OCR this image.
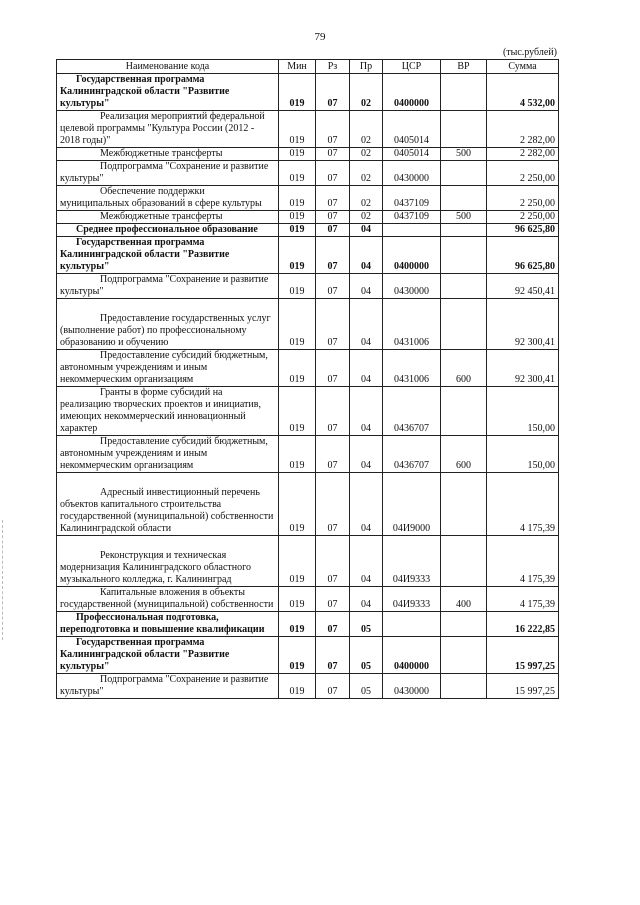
79
(тыс.рублей)
Наименование кода	Мин	Рз	Пр	ЦСР	ВР	Сумма
Государственная программа Калининградской области "Развитие культуры"	019	07	02	0400000		4 532,00
Реализация мероприятий федеральной целевой программы "Культура России (2012 - 2018 годы)"	019	07	02	0405014		2 282,00
Межбюджетные трансферты	019	07	02	0405014	500	2 282,00
Подпрограмма "Сохранение и развитие культуры"	019	07	02	0430000		2 250,00
Обеспечение поддержки муниципальных образований в сфере культуры	019	07	02	0437109		2 250,00
Межбюджетные трансферты	019	07	02	0437109	500	2 250,00
Среднее профессиональное образование	019	07	04			96 625,80
Государственная программа Калининградской области "Развитие культуры"	019	07	04	0400000		96 625,80
Подпрограмма "Сохранение и развитие культуры"	019	07	04	0430000		92 450,41
Предоставление государственных услуг (выполнение работ) по профессиональному образованию и обучению	019	07	04	0431006		92 300,41
Предоставление субсидий бюджетным, автономным учреждениям и иным некоммерческим организациям	019	07	04	0431006	600	92 300,41
Гранты в форме субсидий на реализацию творческих проектов и инициатив, имеющих некоммерческий инновационный характер	019	07	04	0436707		150,00
Предоставление субсидий бюджетным, автономным учреждениям и иным некоммерческим организациям	019	07	04	0436707	600	150,00
Адресный инвестиционный перечень объектов капитального строительства государственной (муниципальной) собственности Калининградской области	019	07	04	04И9000		4 175,39
Реконструкция и техническая модернизация Калининградского областного музыкального колледжа, г. Калининград	019	07	04	04И9333		4 175,39
Капитальные вложения в объекты государственной (муниципальной) собственности	019	07	04	04И9333	400	4 175,39
Профессиональная подготовка, переподготовка и повышение квалификации	019	07	05			16 222,85
Государственная программа Калининградской области "Развитие культуры"	019	07	05	0400000		15 997,25
Подпрограмма "Сохранение и развитие культуры"	019	07	05	0430000		15 997,25
